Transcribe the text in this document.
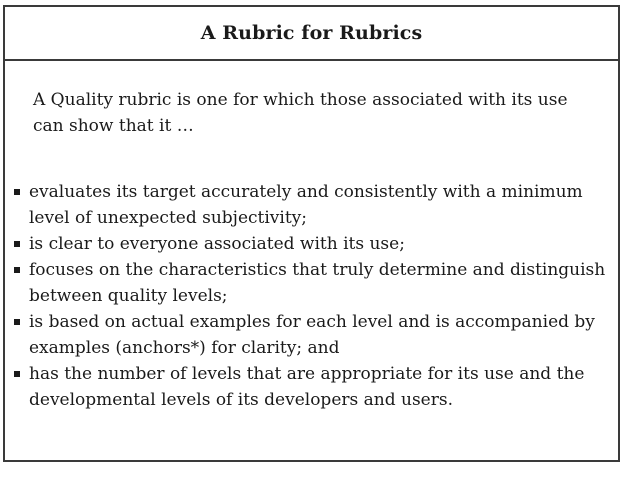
A Rubric for Rubrics

A Quality rubric is one for which those associated with its use can show that it …

evaluates its target accurately and consistently with a minimum level of unexpected subjectivity;
is clear to everyone associated with its use;
focuses on the characteristics that truly determine and distinguish between quality levels;
is based on actual examples for each level and is accompanied by examples (anchors*) for clarity; and
has the number of levels that are appropriate for its use and the developmental levels of its developers and users.
